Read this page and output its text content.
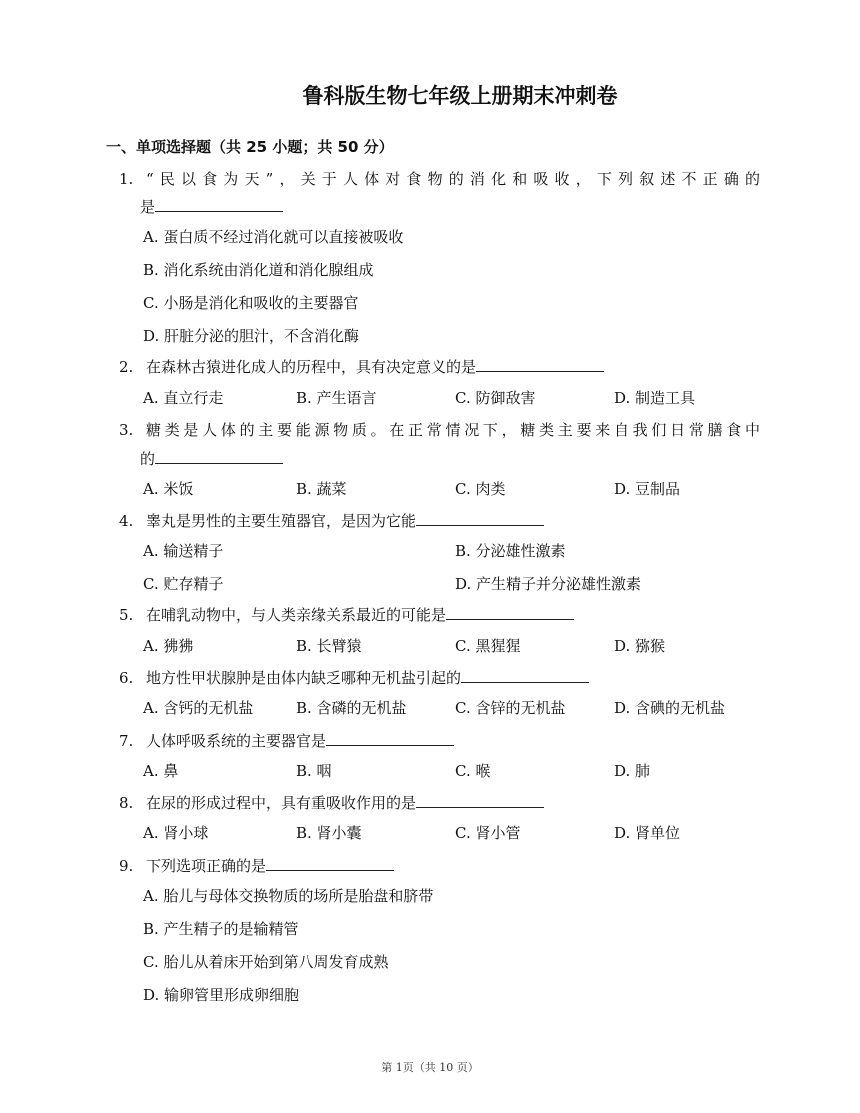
鲁科版生物七年级上册期末冲刺卷
一、单项选择题（共 25 小题；共 50 分）
1. “民以食为天”，关于人体对食物的消化和吸收，下列叙述不正确的
是
A. 蛋白质不经过消化就可以直接被吸收
B. 消化系统由消化道和消化腺组成
C. 小肠是消化和吸收的主要器官
D. 肝脏分泌的胆汁，不含消化酶
2. 在森林古猿进化成人的历程中，具有决定意义的是
A. 直立行走	B. 产生语言	C. 防御敌害	D. 制造工具
3. 糖类是人体的主要能源物质。在正常情况下，糖类主要来自我们日常膳食中
的
A. 米饭	B. 蔬菜	C. 肉类	D. 豆制品
4. 睾丸是男性的主要生殖器官，是因为它能
A. 输送精子	B. 分泌雄性激素
C. 贮存精子	D. 产生精子并分泌雄性激素
5. 在哺乳动物中，与人类亲缘关系最近的可能是
A. 狒狒	B. 长臂猿	C. 黑猩猩	D. 猕猴
6. 地方性甲状腺肿是由体内缺乏哪种无机盐引起的
A. 含钙的无机盐	B. 含磷的无机盐	C. 含锌的无机盐	D. 含碘的无机盐
7. 人体呼吸系统的主要器官是
A. 鼻	B. 咽	C. 喉	D. 肺
8. 在尿的形成过程中，具有重吸收作用的是
A. 肾小球	B. 肾小囊	C. 肾小管	D. 肾单位
9. 下列选项正确的是
A. 胎儿与母体交换物质的场所是胎盘和脐带
B. 产生精子的是输精管
C. 胎儿从着床开始到第八周发育成熟
D. 输卵管里形成卵细胞
第 1页（共 10 页）
